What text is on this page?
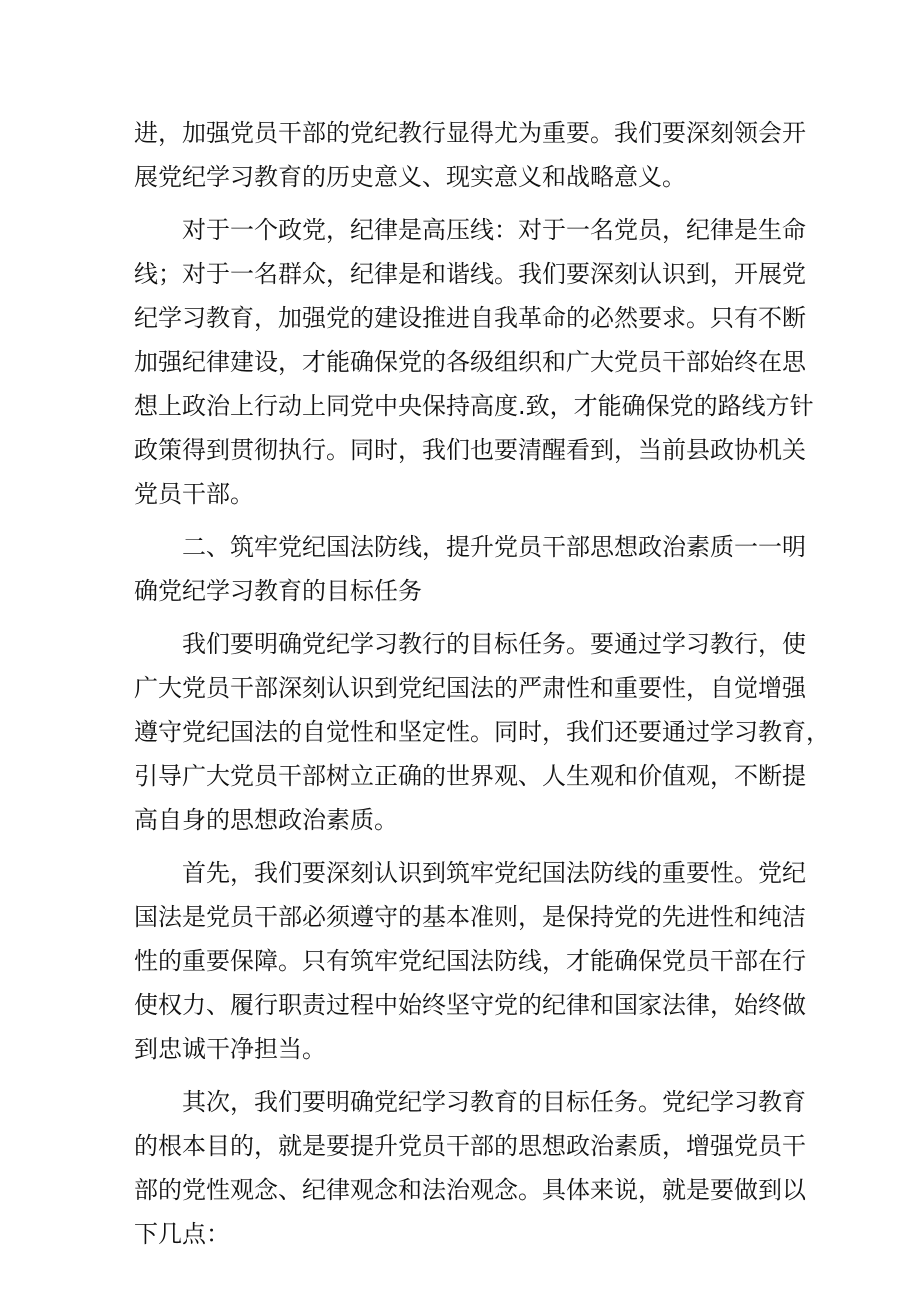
进，加强党员干部的党纪教行显得尤为重要。我们要深刻领会开
展党纪学习教育的历史意义、现实意义和战略意义。
对于一个政党，纪律是高压线：对于一名党员，纪律是生命
线；对于一名群众，纪律是和谐线。我们要深刻认识到，开展党
纪学习教育，加强党的建设推进自我革命的必然要求。只有不断
加强纪律建设，才能确保党的各级组织和广大党员干部始终在思
想上政治上行动上同党中央保持高度.致，才能确保党的路线方针
政策得到贯彻执行。同时，我们也要清醒看到，当前县政协机关
党员干部。
二、筑牢党纪国法防线，提升党员干部思想政治素质一一明
确党纪学习教育的目标任务
我们要明确党纪学习教行的目标任务。要通过学习教行，使
广大党员干部深刻认识到党纪国法的严肃性和重要性，自觉增强
遵守党纪国法的自觉性和坚定性。同时，我们还要通过学习教育，
引导广大党员干部树立正确的世界观、人生观和价值观，不断提
高自身的思想政治素质。
首先，我们要深刻认识到筑牢党纪国法防线的重要性。党纪
国法是党员干部必须遵守的基本准则，是保持党的先进性和纯洁
性的重要保障。只有筑牢党纪国法防线，才能确保党员干部在行
使权力、履行职责过程中始终坚守党的纪律和国家法律，始终做
到忠诚干净担当。
其次，我们要明确党纪学习教育的目标任务。党纪学习教育
的根本目的，就是要提升党员干部的思想政治素质，增强党员干
部的党性观念、纪律观念和法治观念。具体来说，就是要做到以
下几点：
